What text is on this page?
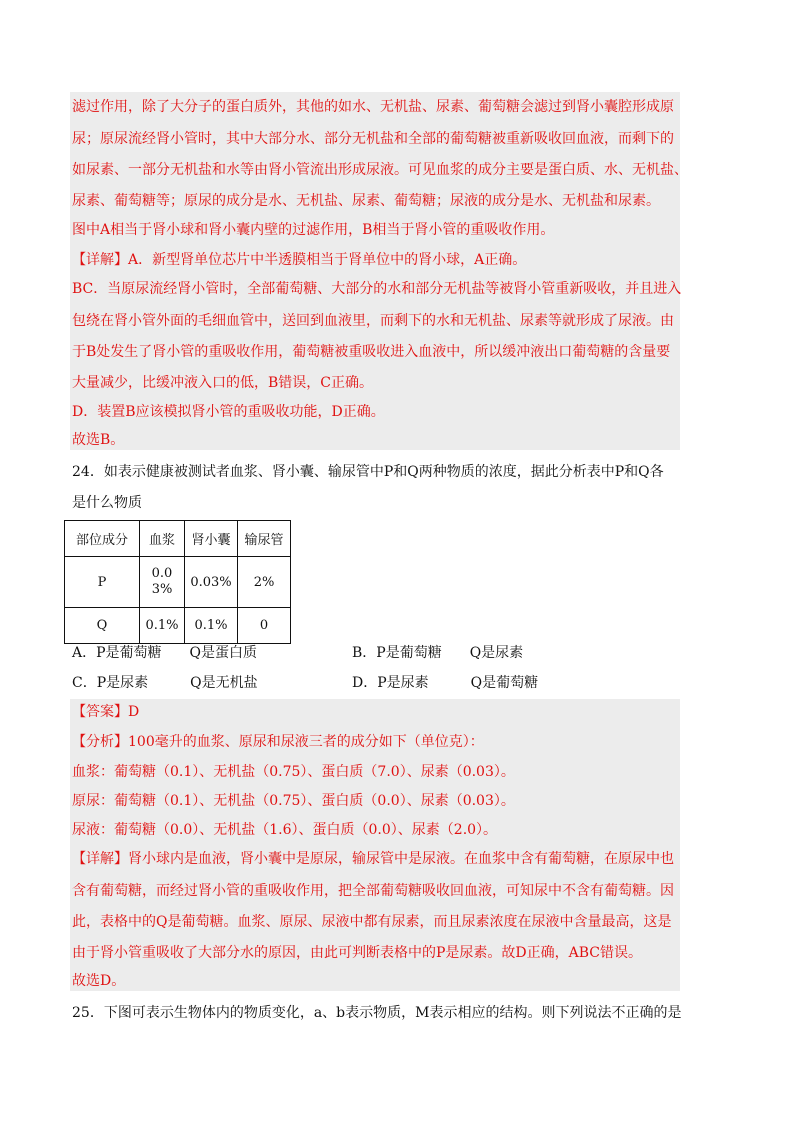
滤过作用，除了大分子的蛋白质外，其他的如水、无机盐、尿素、葡萄糖会滤过到肾小囊腔形成原
尿；原尿流经肾小管时，其中大部分水、部分无机盐和全部的葡萄糖被重新吸收回血液，而剩下的
如尿素、一部分无机盐和水等由肾小管流出形成尿液。可见血浆的成分主要是蛋白质、水、无机盐、
尿素、葡萄糖等；原尿的成分是水、无机盐、尿素、葡萄糖；尿液的成分是水、无机盐和尿素。
图中A相当于肾小球和肾小囊内壁的过滤作用，B相当于肾小管的重吸收作用。
【详解】A．新型肾单位芯片中半透膜相当于肾单位中的肾小球，A正确。
BC．当原尿流经肾小管时，全部葡萄糖、大部分的水和部分无机盐等被肾小管重新吸收，并且进入
包绕在肾小管外面的毛细血管中，送回到血液里，而剩下的水和无机盐、尿素等就形成了尿液。由
于B处发生了肾小管的重吸收作用，葡萄糖被重吸收进入血液中，所以缓冲液出口葡萄糖的含量要
大量减少，比缓冲液入口的低，B错误，C正确。
D．装置B应该模拟肾小管的重吸收功能，D正确。
故选B。
24．如表示健康被测试者血浆、肾小囊、输尿管中P和Q两种物质的浓度，据此分析表中P和Q各
是什么物质
部位成分	血浆	肾小囊	输尿管
P	0.03%	0.03%	2%
Q	0.1%	0.1%	0
A．P是葡萄糖　　Q是蛋白质	B．P是葡萄糖　　Q是尿素
C．P是尿素　　　Q是无机盐	D．P是尿素　　　Q是葡萄糖
【答案】D
【分析】100毫升的血浆、原尿和尿液三者的成分如下（单位克）：
血浆：葡萄糖（0.1）、无机盐（0.75）、蛋白质（7.0）、尿素（0.03）。
原尿：葡萄糖（0.1）、无机盐（0.75）、蛋白质（0.0）、尿素（0.03）。
尿液：葡萄糖（0.0）、无机盐（1.6）、蛋白质（0.0）、尿素（2.0）。
【详解】肾小球内是血液，肾小囊中是原尿，输尿管中是尿液。在血浆中含有葡萄糖，在原尿中也
含有葡萄糖，而经过肾小管的重吸收作用，把全部葡萄糖吸收回血液，可知尿中不含有葡萄糖。因
此，表格中的Q是葡萄糖。血浆、原尿、尿液中都有尿素，而且尿素浓度在尿液中含量最高，这是
由于肾小管重吸收了大部分水的原因，由此可判断表格中的P是尿素。故D正确，ABC错误。
故选D。
25．下图可表示生物体内的物质变化，a、b表示物质，M表示相应的结构。则下列说法不正确的是
